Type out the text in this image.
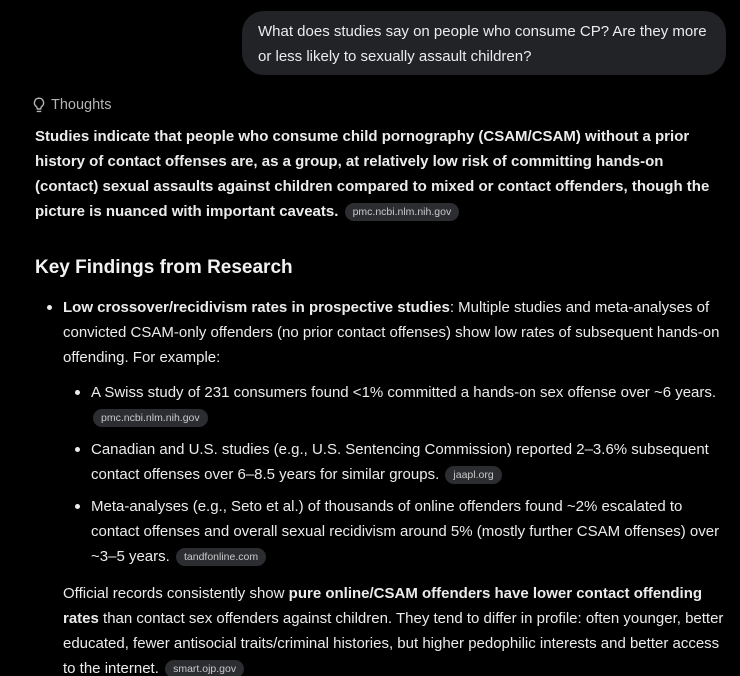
What does studies say on people who consume CP? Are they more or less likely to sexually assault children?
Thoughts

Studies indicate that people who consume child pornography (CSAM/CSAM) without a prior history of contact offenses are, as a group, at relatively low risk of committing hands-on (contact) sexual assaults against children compared to mixed or contact offenders, though the picture is nuanced with important caveats. pmc.ncbi.nlm.nih.gov

Key Findings from Research
Low crossover/recidivism rates in prospective studies: Multiple studies and meta-analyses of convicted CSAM-only offenders (no prior contact offenses) show low rates of subsequent hands-on offending. For example:
A Swiss study of 231 consumers found <1% committed a hands-on sex offense over ~6 years.
pmc.ncbi.nlm.nih.gov
Canadian and U.S. studies (e.g., U.S. Sentencing Commission) reported 2–3.6% subsequent contact offenses over 6–8.5 years for similar groups. jaapl.org
Meta-analyses (e.g., Seto et al.) of thousands of online offenders found ~2% escalated to contact offenses and overall sexual recidivism around 5% (mostly further CSAM offenses) over ~3–5 years. tandfonline.com

Official records consistently show pure online/CSAM offenders have lower contact offending rates than contact sex offenders against children. They tend to differ in profile: often younger, better educated, fewer antisocial traits/criminal histories, but higher pedophilic interests and better access to the internet. smart.ojp.gov
